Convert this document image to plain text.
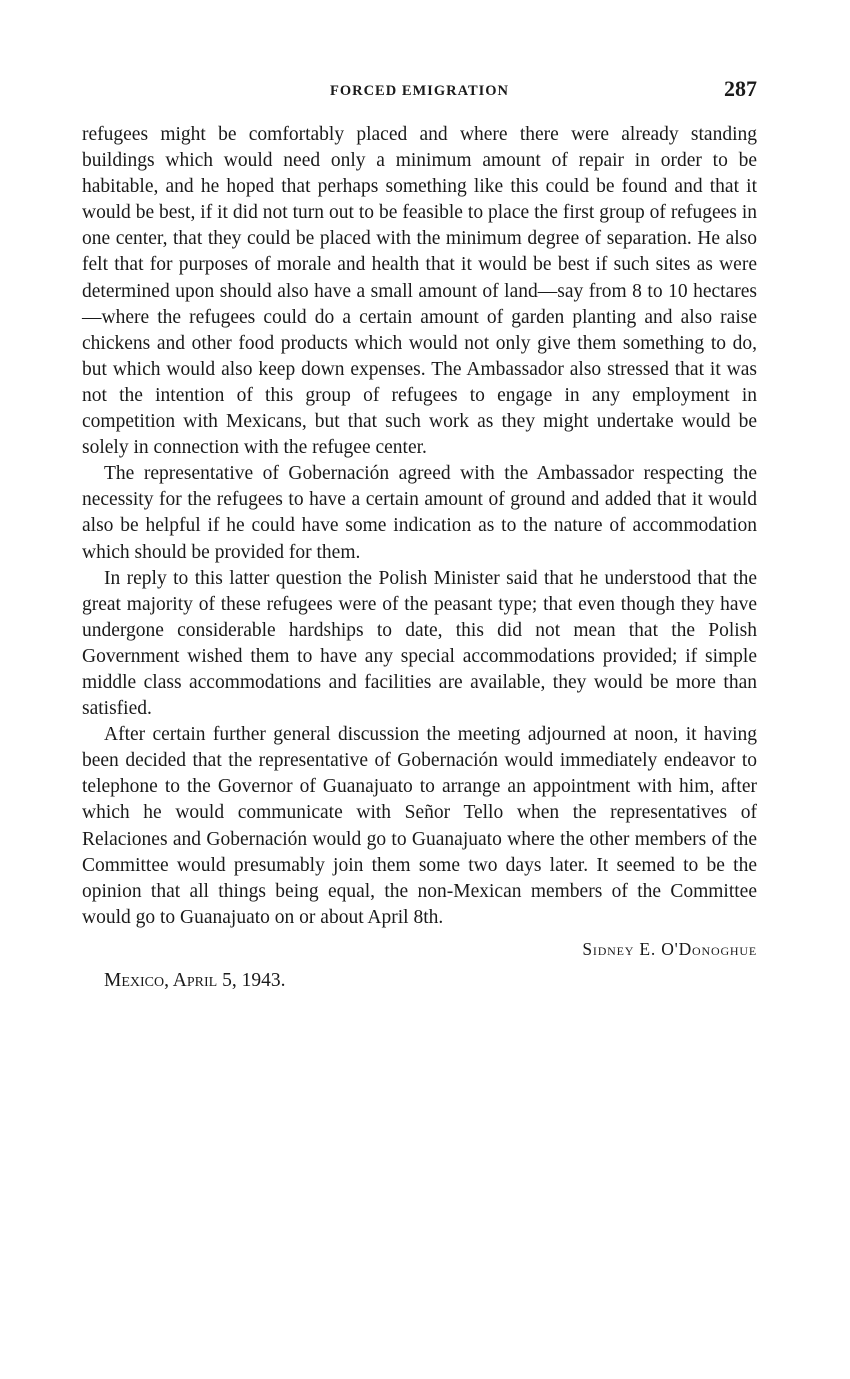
FORCED EMIGRATION	287

refugees might be comfortably placed and where there were already standing buildings which would need only a minimum amount of repair in order to be habitable, and he hoped that perhaps something like this could be found and that it would be best, if it did not turn out to be feasible to place the first group of refugees in one center, that they could be placed with the minimum degree of separation. He also felt that for purposes of morale and health that it would be best if such sites as were determined upon should also have a small amount of land—say from 8 to 10 hectares—where the refugees could do a certain amount of garden planting and also raise chickens and other food products which would not only give them something to do, but which would also keep down expenses. The Ambassador also stressed that it was not the intention of this group of refugees to engage in any employment in competition with Mexicans, but that such work as they might undertake would be solely in connection with the refugee center.

The representative of Gobernación agreed with the Ambassador respecting the necessity for the refugees to have a certain amount of ground and added that it would also be helpful if he could have some indication as to the nature of accommodation which should be provided for them.

In reply to this latter question the Polish Minister said that he understood that the great majority of these refugees were of the peasant type; that even though they have undergone considerable hardships to date, this did not mean that the Polish Government wished them to have any special accommodations provided; if simple middle class accommodations and facilities are available, they would be more than satisfied.

After certain further general discussion the meeting adjourned at noon, it having been decided that the representative of Gobernación would immediately endeavor to telephone to the Governor of Guanajuato to arrange an appointment with him, after which he would communicate with Señor Tello when the representatives of Relaciones and Gobernación would go to Guanajuato where the other members of the Committee would presumably join them some two days later. It seemed to be the opinion that all things being equal, the non-Mexican members of the Committee would go to Guanajuato on or about April 8th.

Sidney E. O'Donoghue
Mexico, April 5, 1943.
